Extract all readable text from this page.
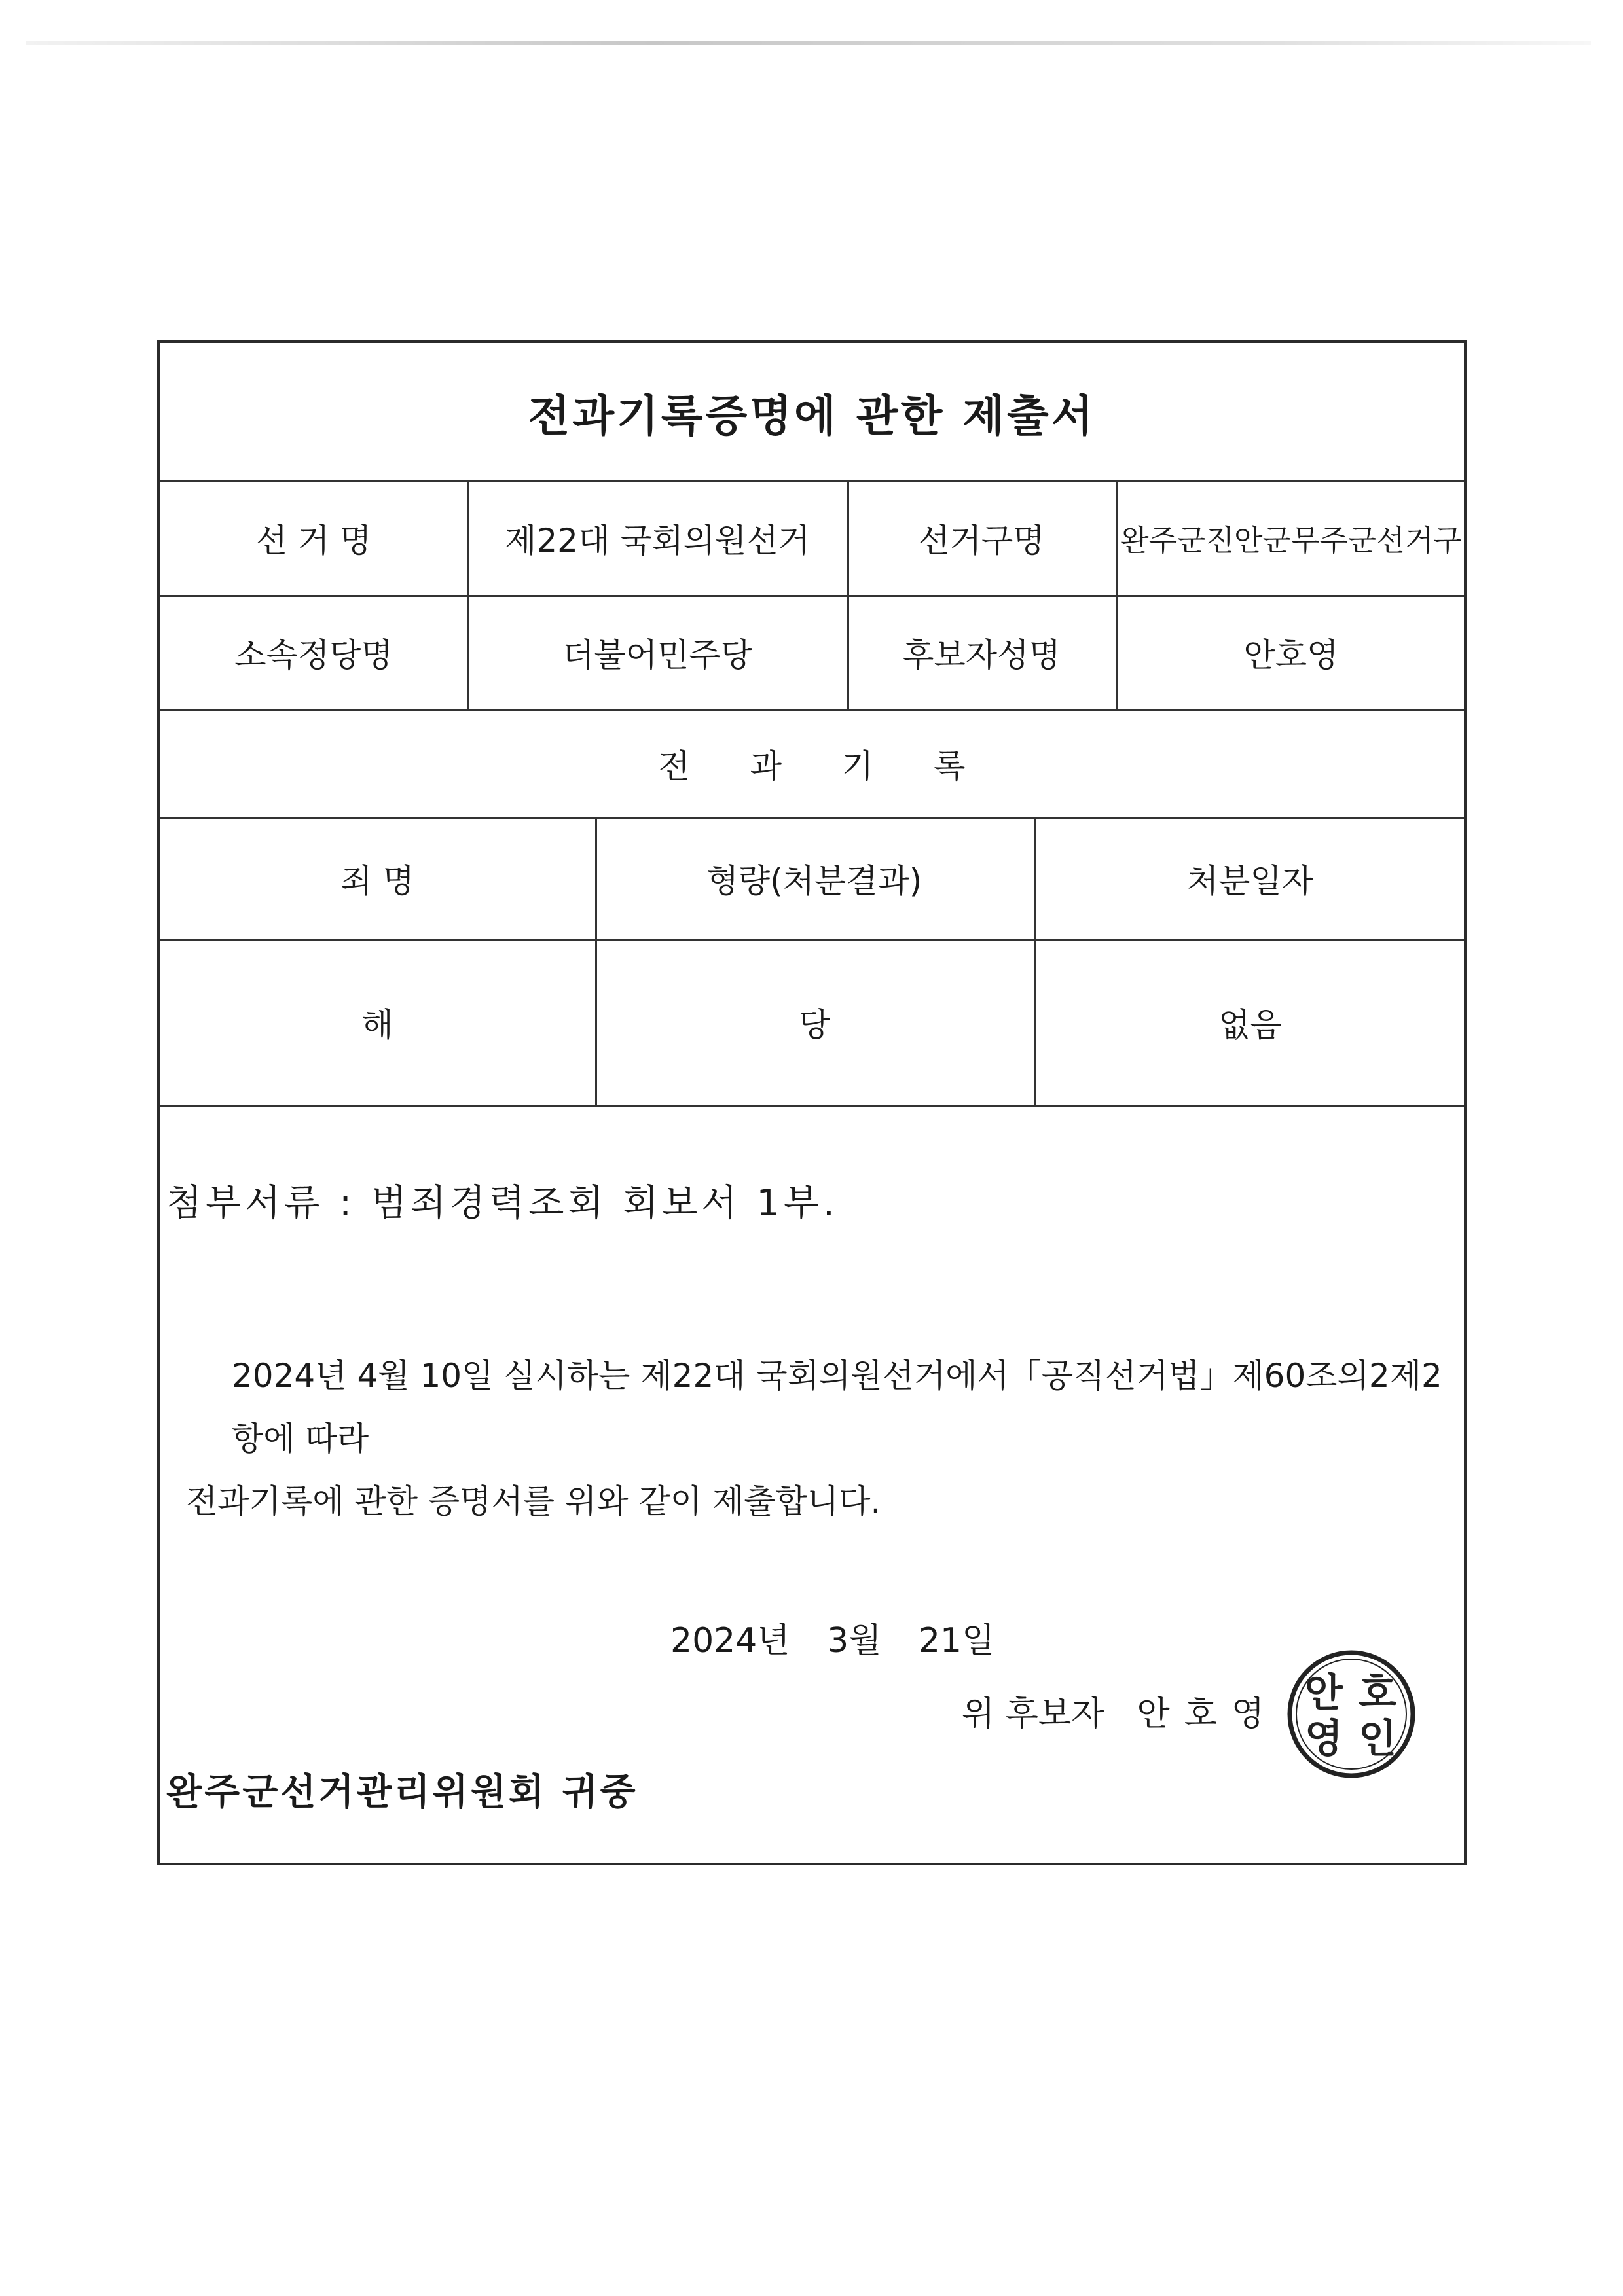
전과기록증명에 관한 제출서
선 거 명	제22대 국회의원선거	선거구명	완주군진안군무주군선거구
소속정당명	더불어민주당	후보자성명	안호영
전 과 기 록
죄 명	형량(처분결과)	처분일자
해	당	없음
첨부서류 : 범죄경력조회 회보서 1부.

2024년 4월 10일 실시하는 제22대 국회의원선거에서「공직선거법」제60조의2제2항에 따라

전과기록에 관한 증명서를 위와 같이 제출합니다.

2024년 3월 21일
위 후보자 안호영 안 호
영 인
완주군선거관리위원회 귀중
